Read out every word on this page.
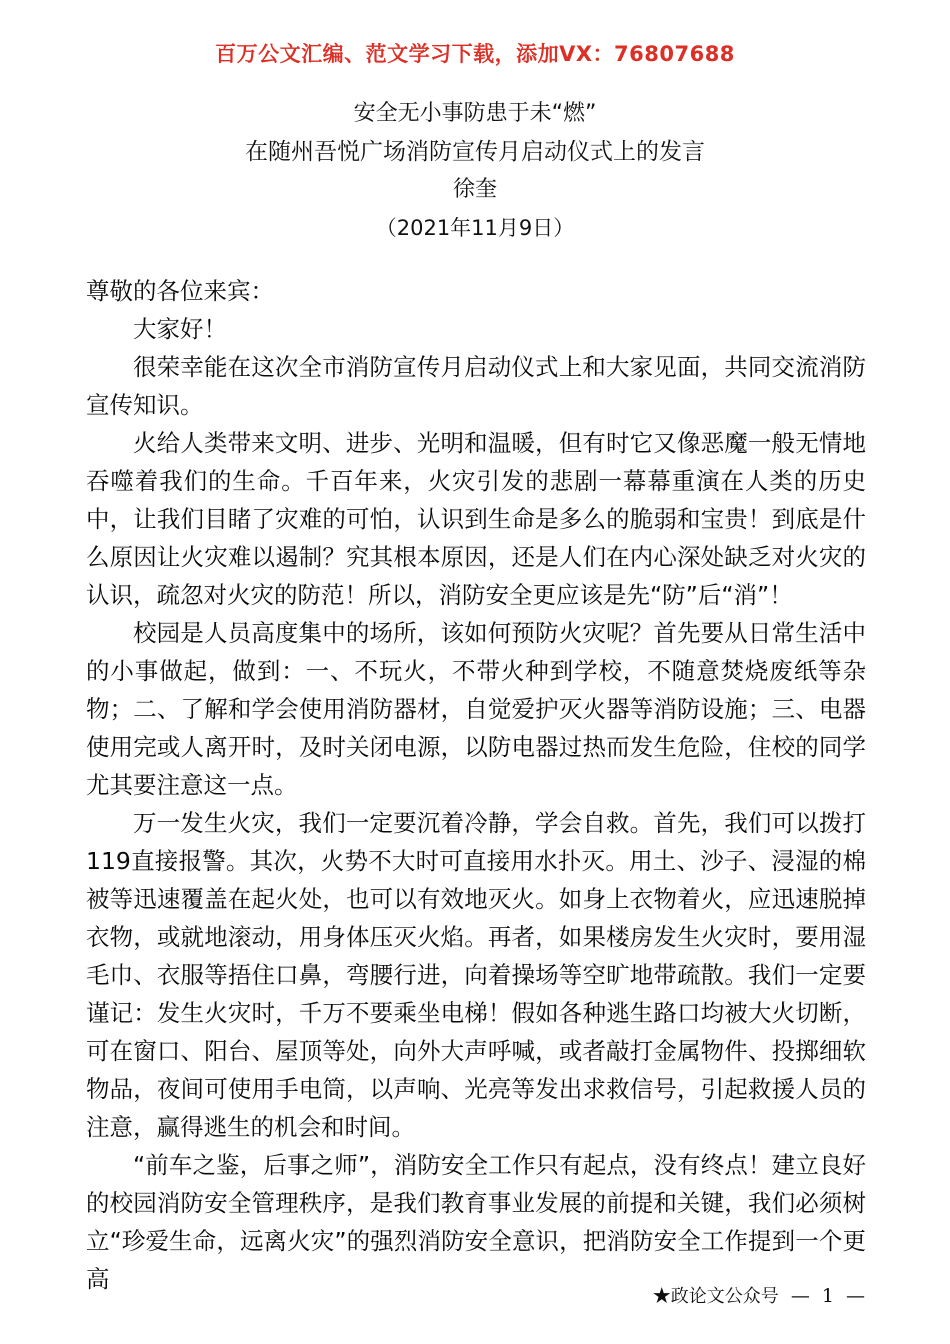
百万公文汇编、范文学习下载，添加VX：76807688
安全无小事防患于未“燃”
在随州吾悦广场消防宣传月启动仪式上的发言
徐奎
（2021年11月9日）

尊敬的各位来宾：

大家好！

很荣幸能在这次全市消防宣传月启动仪式上和大家见面，共同交流消防宣传知识。

火给人类带来文明、进步、光明和温暖，但有时它又像恶魔一般无情地吞噬着我们的生命。千百年来，火灾引发的悲剧一幕幕重演在人类的历史中，让我们目睹了灾难的可怕，认识到生命是多么的脆弱和宝贵！到底是什么原因让火灾难以遏制？究其根本原因，还是人们在内心深处缺乏对火灾的认识，疏忽对火灾的防范！所以，消防安全更应该是先“防”后“消”！

校园是人员高度集中的场所，该如何预防火灾呢？首先要从日常生活中的小事做起，做到：一、不玩火，不带火种到学校，不随意焚烧废纸等杂物；二、了解和学会使用消防器材，自觉爱护灭火器等消防设施；三、电器使用完或人离开时，及时关闭电源，以防电器过热而发生危险，住校的同学尤其要注意这一点。

万一发生火灾，我们一定要沉着冷静，学会自救。首先，我们可以拨打119直接报警。其次，火势不大时可直接用水扑灭。用土、沙子、浸湿的棉被等迅速覆盖在起火处，也可以有效地灭火。如身上衣物着火，应迅速脱掉衣物，或就地滚动，用身体压灭火焰。再者，如果楼房发生火灾时，要用湿毛巾、衣服等捂住口鼻，弯腰行进，向着操场等空旷地带疏散。我们一定要谨记：发生火灾时，千万不要乘坐电梯！假如各种逃生路口均被大火切断，可在窗口、阳台、屋顶等处，向外大声呼喊，或者敲打金属物件、投掷细软物品，夜间可使用手电筒，以声响、光亮等发出求救信号，引起救援人员的注意，赢得逃生的机会和时间。

“前车之鉴，后事之师”，消防安全工作只有起点，没有终点！建立良好的校园消防安全管理秩序，是我们教育事业发展的前提和关键，我们必须树立“珍爱生命，远离火灾”的强烈消防安全意识，把消防安全工作提到一个更高

★政论文公众号 — 1 —
